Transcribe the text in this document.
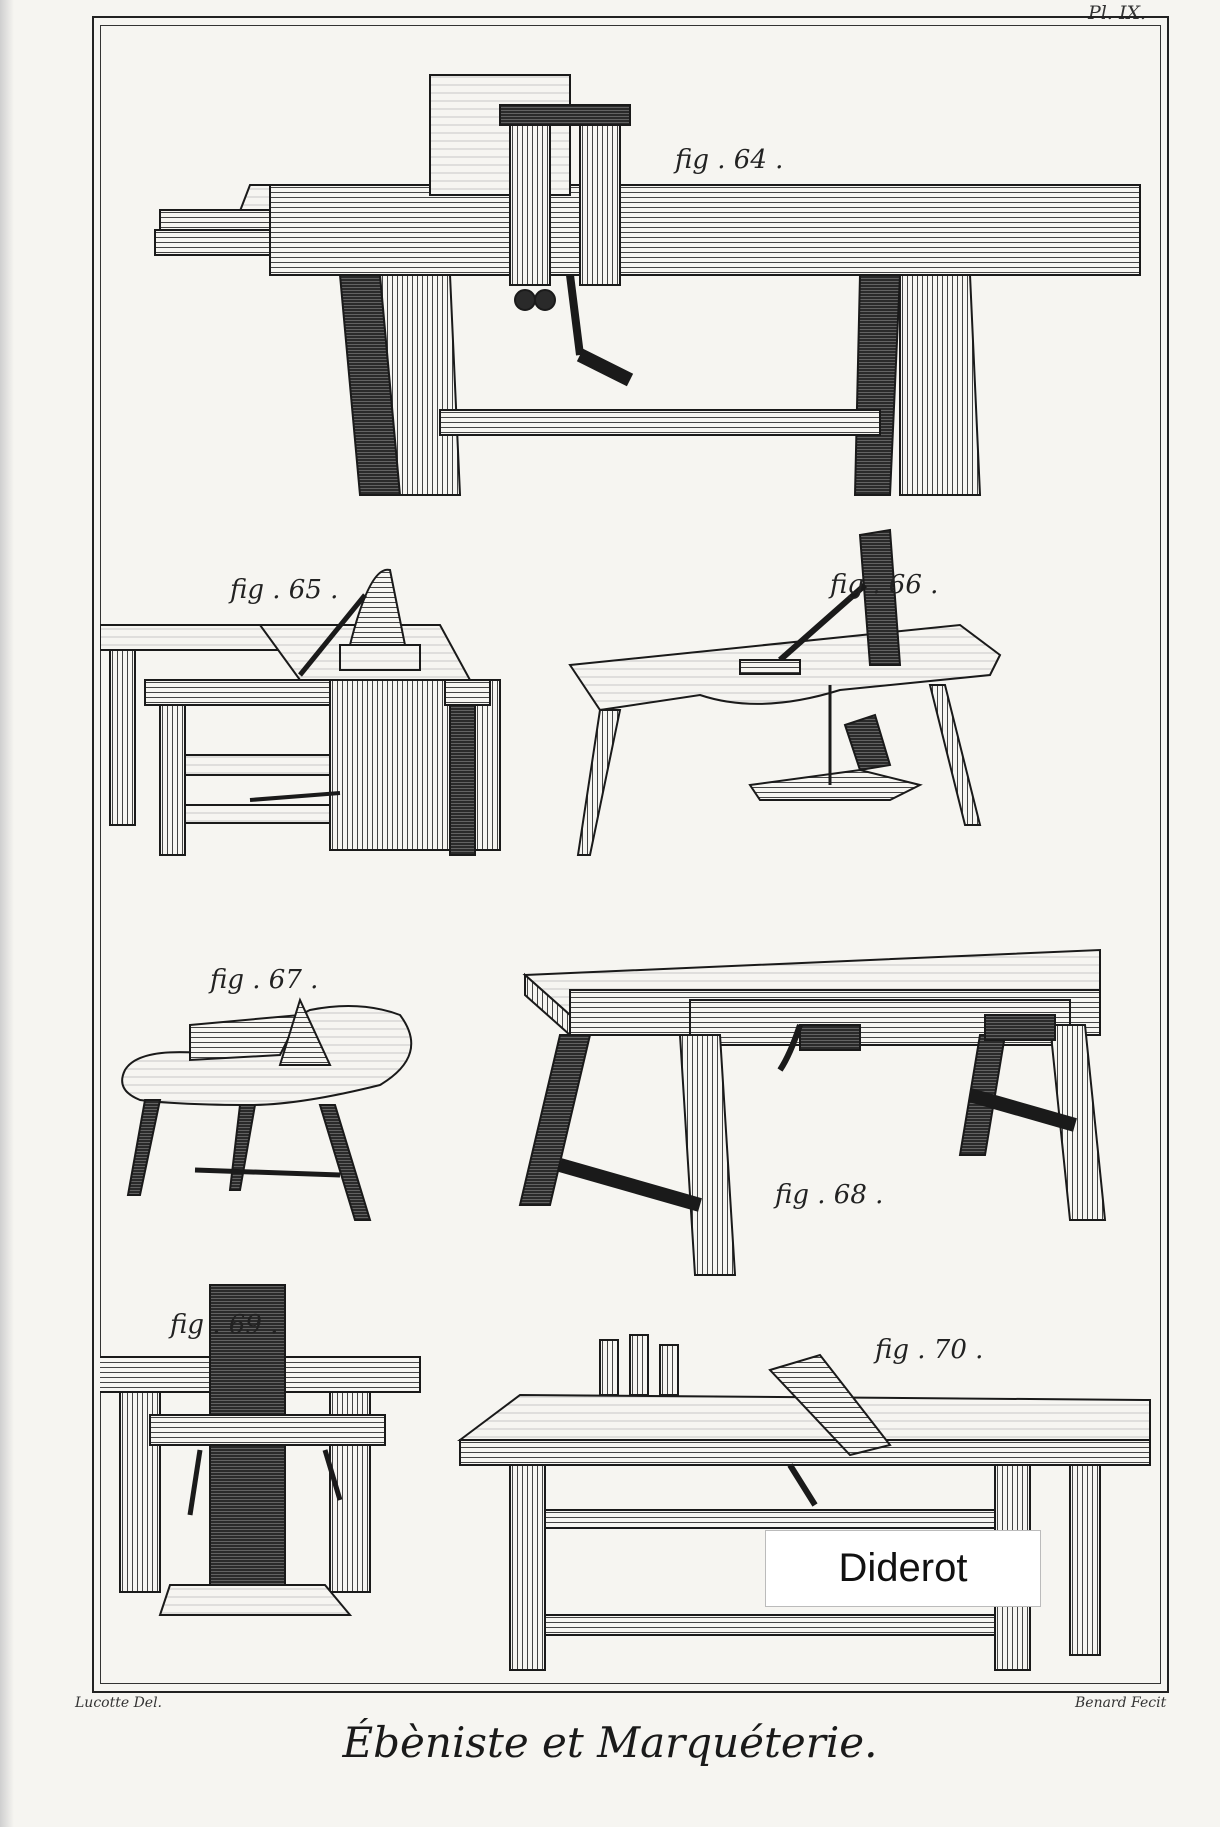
Pl. IX.
fig . 64 .
fig . 65 .	fig . 66 .
fig . 67 .
fig . 68 .
fig . 69 .
fig . 70 .
Diderot
Lucotte Del.	Benard Fecit
Ébèniste et Marquéterie.
